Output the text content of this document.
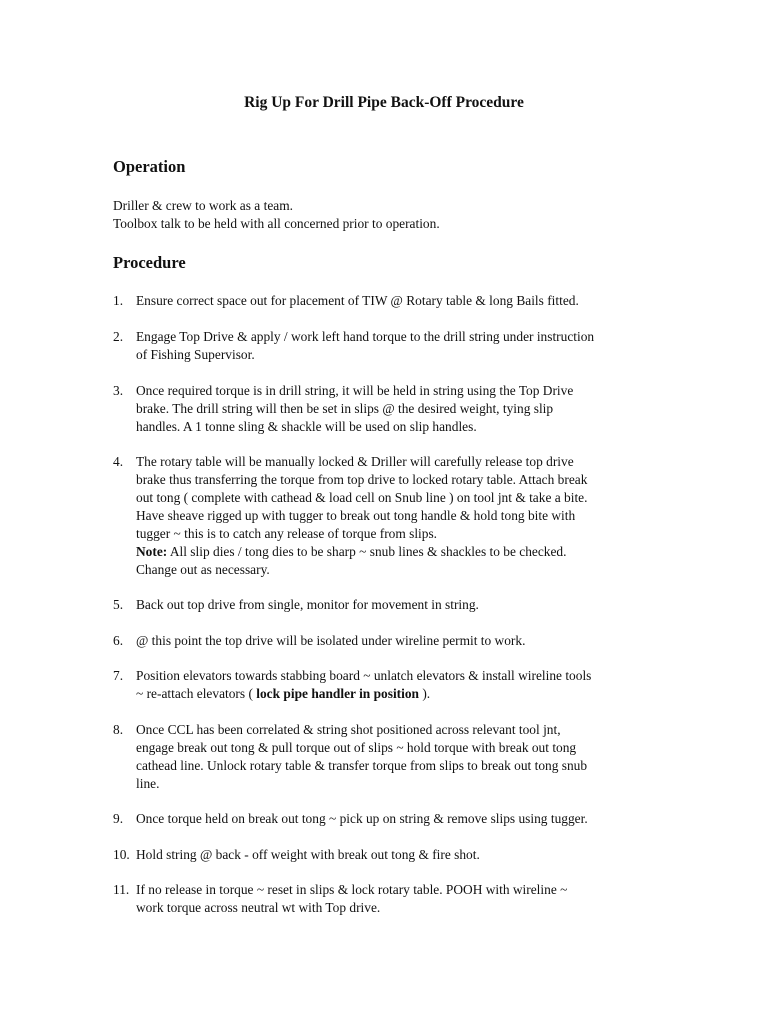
Rig Up For Drill Pipe Back-Off Procedure
Operation
Driller & crew to work as a team.
Toolbox talk to be held with all concerned prior to operation.
Procedure
1. Ensure correct space out for placement of TIW @ Rotary table & long Bails fitted.
2. Engage Top Drive & apply / work left hand torque to the drill string under instruction
of Fishing Supervisor.
3. Once required torque is in drill string, it will be held in string using the Top Drive
brake. The drill string will then be set in slips @ the desired weight, tying slip
handles. A 1 tonne sling & shackle will be used on slip handles.
4. The rotary table will be manually locked & Driller will carefully release top drive
brake thus transferring the torque from top drive to locked rotary table. Attach break
out tong ( complete with cathead & load cell on Snub line ) on tool jnt & take a bite.
Have sheave rigged up with tugger to break out tong handle & hold tong bite with
tugger ~ this is to catch any release of torque from slips.
Note: All slip dies / tong dies to be sharp ~ snub lines & shackles to be checked.
Change out as necessary.
5. Back out top drive from single, monitor for movement in string.
6. @ this point the top drive will be isolated under wireline permit to work.
7. Position elevators towards stabbing board ~ unlatch elevators & install wireline tools
~ re-attach elevators ( lock pipe handler in position ).
8. Once CCL has been correlated & string shot positioned across relevant tool jnt,
engage break out tong & pull torque out of slips ~ hold torque with break out tong
cathead line. Unlock rotary table & transfer torque from slips to break out tong snub
line.
9. Once torque held on break out tong ~ pick up on string & remove slips using tugger.
10. Hold string @ back - off weight with break out tong & fire shot.
11. If no release in torque ~ reset in slips & lock rotary table. POOH with wireline ~
work torque across neutral wt with Top drive.
